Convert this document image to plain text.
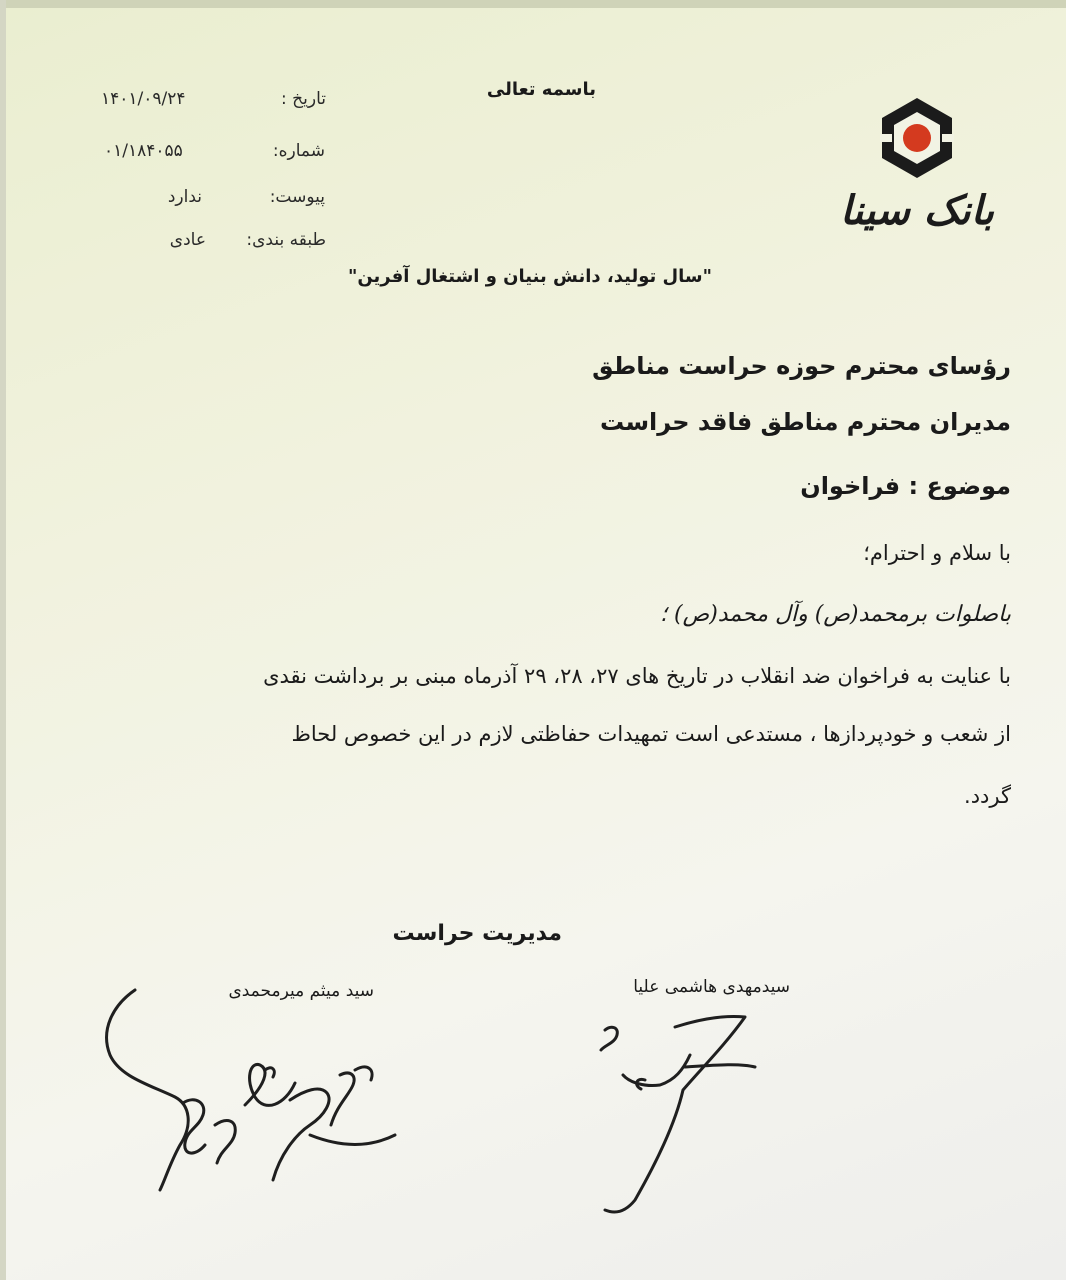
باسمه تعالی
تاریخ :
۱۴۰۱/۰۹/۲۴
شماره:
۰۱/۱۸۴۰۵۵
پیوست:
ندارد
طبقه بندی:
عادی
بانک سینا
"سال تولید، دانش بنیان و اشتغال آفرین"
رؤسای محترم حوزه حراست مناطق
مدیران محترم مناطق فاقد حراست
موضوع : فراخوان
با سلام و احترام؛
باصلوات برمحمد(ص) وآل محمد(ص) ؛
با عنایت به فراخوان ضد انقلاب در تاریخ های ۲۷، ۲۸، ۲۹ آذرماه مبنی بر برداشت نقدی
از شعب و خودپردازها ، مستدعی است تمهیدات حفاظتی لازم در این خصوص لحاظ
گردد.
مدیریت حراست
سیدمهدی هاشمی علیا
سید میثم میرمحمدی
